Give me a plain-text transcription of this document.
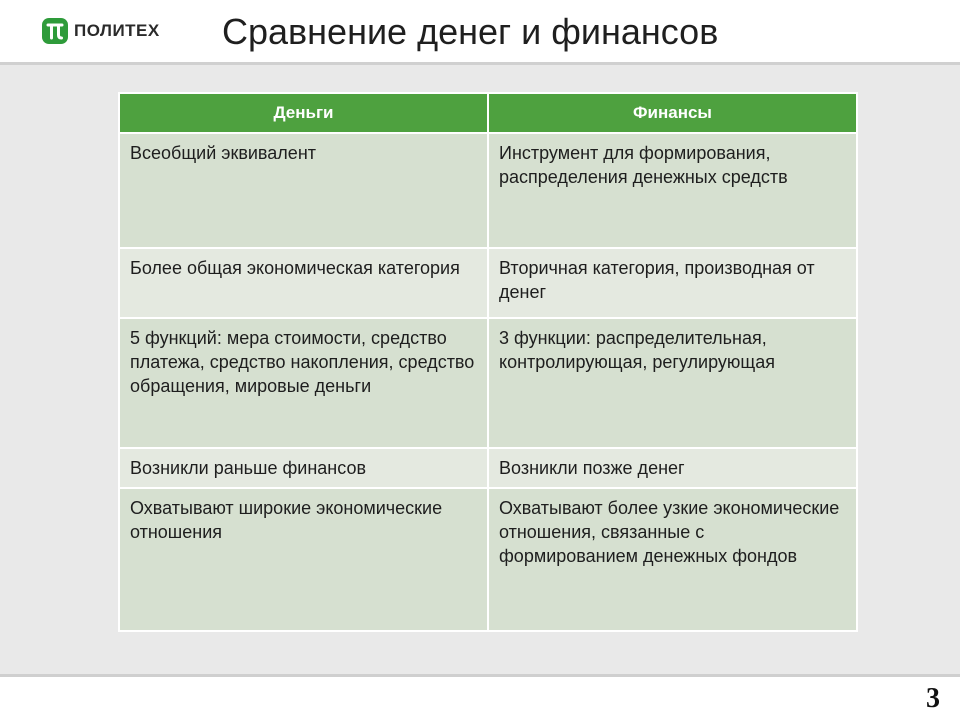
ПОЛИТЕХ Сравнение денег и финансов
Деньги	Финансы
Всеобщий эквивалент	Инструмент для формирования, распределения денежных средств
Более общая экономическая категория	Вторичная категория, производная от денег
5 функций: мера стоимости, средство платежа, средство накопления, средство обращения, мировые деньги	3 функции: распределительная, контролирующая, регулирующая
Возникли раньше финансов	Возникли позже денег
Охватывают широкие экономические отношения	Охватывают более узкие экономические отношения, связанные с формированием денежных фондов
3
